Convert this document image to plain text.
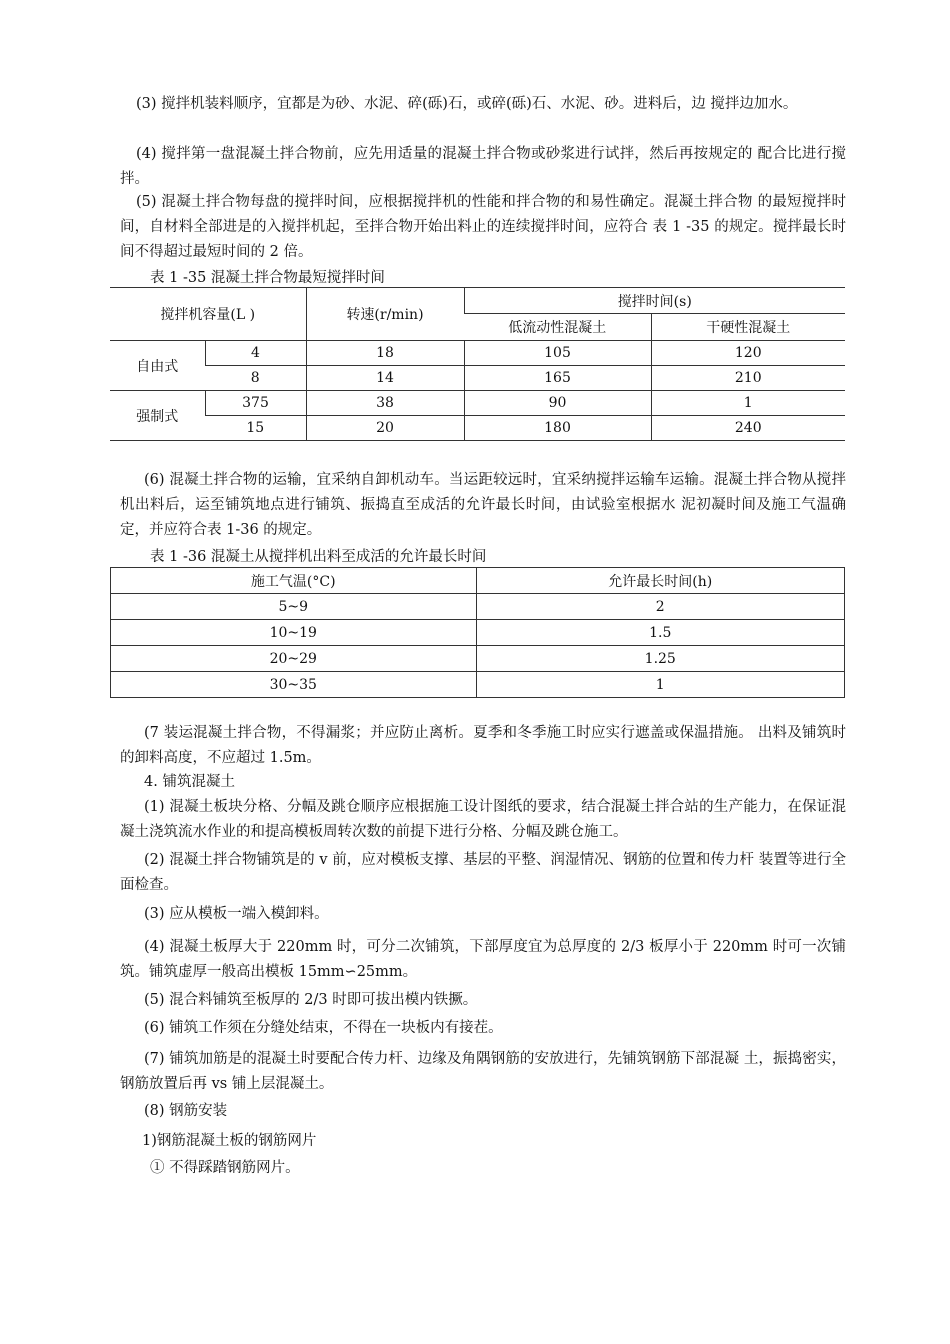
(3) 搅拌机装料顺序，宜都是为砂、水泥、碎(砾)石，或碎(砾)石、水泥、砂。进料后，边 搅拌边加水。

(4) 搅拌第一盘混凝土拌合物前，应先用适量的混凝土拌合物或砂浆进行试拌，然后再按规定的 配合比进行搅拌。

(5) 混凝土拌合物每盘的搅拌时间，应根据搅拌机的性能和拌合物的和易性确定。混凝土拌合物 的最短搅拌时间，自材料全部进是的入搅拌机起，至拌合物开始出料止的连续搅拌时间，应符合 表 1 -35 的规定。搅拌最长时间不得超过最短时间的 2 倍。

表 1 -35 混凝土拌合物最短搅拌时间

搅拌机容量(L )		转速(r/min)	搅拌时间(s)	
			低流动性混凝土	干硬性混凝土
自由式	4	18	105	120
	8	14	165	210
强制式	375	38	90	1
	15	20	180	240

(6) 混凝土拌合物的运输，宜采纳自卸机动车。当运距较远时，宜采纳搅拌运输车运输。混凝土拌合物从搅拌机出料后，运至铺筑地点进行铺筑、振捣直至成活的允许最长时间，由试验室根据水 泥初凝时间及施工气温确定，并应符合表 1-36 的规定。

表 1 -36 混凝土从搅拌机出料至成活的允许最长时间

施工气温(°C)	允许最长时间(h)
5~9	2
10~19	1.5
20~29	1.25
30~35	1

(7 装运混凝土拌合物，不得漏浆；并应防止离析。夏季和冬季施工时应实行遮盖或保温措施。 出料及铺筑时的卸料高度，不应超过 1.5m。

4. 铺筑混凝土

(1) 混凝土板块分格、分幅及跳仓顺序应根据施工设计图纸的要求，结合混凝土拌合站的生产能力，在保证混凝土浇筑流水作业的和提高模板周转次数的前提下进行分格、分幅及跳仓施工。

(2) 混凝土拌合物铺筑是的 v 前，应对模板支撑、基层的平整、润湿情况、钢筋的位置和传力杆 装置等进行全面检查。

(3) 应从模板一端入模卸料。

(4) 混凝土板厚大于 220mm 时，可分二次铺筑，下部厚度宜为总厚度的 2/3 板厚小于 220mm 时可一次铺筑。铺筑虚厚一般高出模板 15mm∽25mm。

(5) 混合料铺筑至板厚的 2/3 时即可拔出模内铁撅。

(6) 铺筑工作须在分缝处结束，不得在一块板内有接茬。

(7) 铺筑加筋是的混凝土时要配合传力杆、边缘及角隅钢筋的安放进行，先铺筑钢筋下部混凝 土，振捣密实，钢筋放置后再 vs 铺上层混凝土。

(8) 钢筋安装

1)钢筋混凝土板的钢筋网片

① 不得踩踏钢筋网片。
